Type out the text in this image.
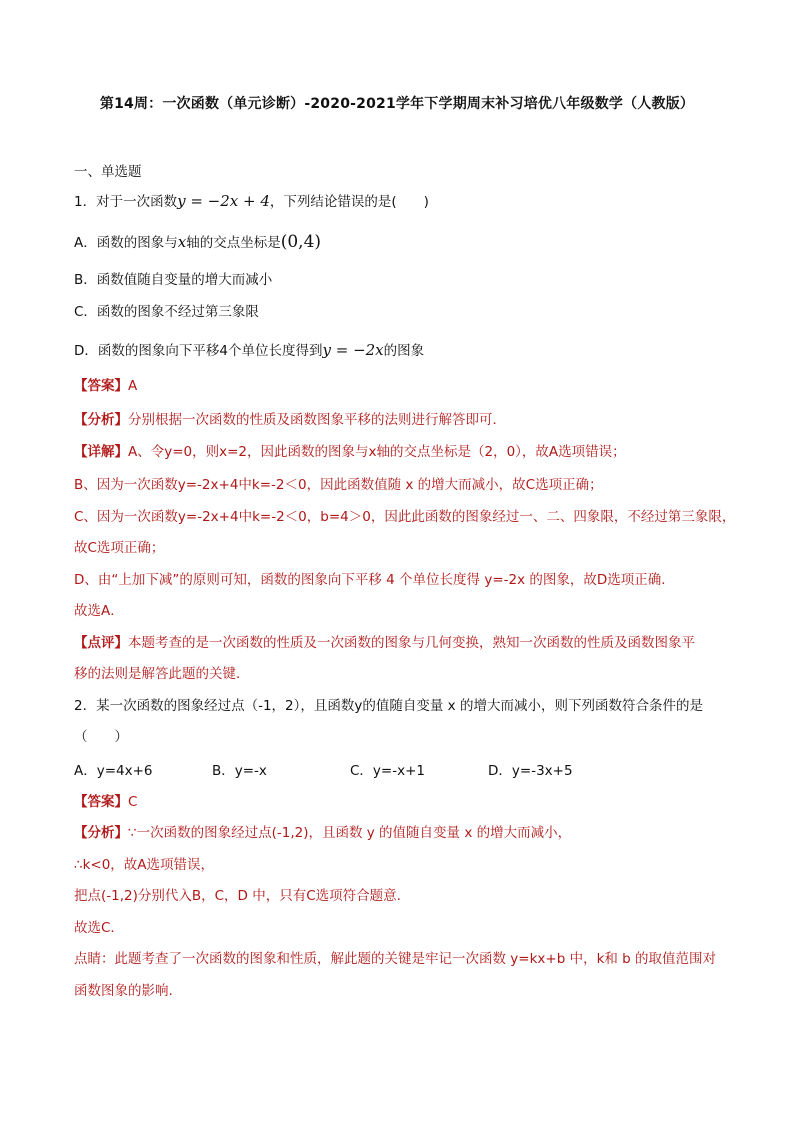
第14周：一次函数（单元诊断）-2020-2021学年下学期周末补习培优八年级数学（人教版）
一、单选题
1．对于一次函数y = −2x + 4，下列结论错误的是(　　)
A．函数的图象与x轴的交点坐标是(0,4)
B．函数值随自变量的增大而减小
C．函数的图象不经过第三象限
D．函数的图象向下平移4个单位长度得到y = −2x的图象
【答案】A
【分析】分别根据一次函数的性质及函数图象平移的法则进行解答即可．
【详解】A、令y=0，则x=2，因此函数的图象与x轴的交点坐标是（2，0），故A选项错误；
B、因为一次函数y=-2x+4中k=-2＜0，因此函数值随 x 的增大而减小，故C选项正确；
C、因为一次函数y=-2x+4中k=-2＜0，b=4＞0，因此此函数的图象经过一、二、四象限，不经过第三象限，
故C选项正确；
D、由“上加下减”的原则可知，函数的图象向下平移 4 个单位长度得 y=-2x 的图象，故D选项正确．
故选A．
【点评】本题考查的是一次函数的性质及一次函数的图象与几何变换，熟知一次函数的性质及函数图象平
移的法则是解答此题的关键．
2．某一次函数的图象经过点（-1，2），且函数y的值随自变量 x 的增大而减小，则下列函数符合条件的是
（　　）
A．y=4x+6	B．y=-x	C．y=-x+1	D．y=-3x+5
【答案】C
【分析】∵一次函数的图象经过点(-1,2)，且函数 y 的值随自变量 x 的增大而减小，
∴k<0，故A选项错误，
把点(-1,2)分别代入B，C，D 中，只有C选项符合题意.
故选C.
点睛：此题考查了一次函数的图象和性质，解此题的关键是牢记一次函数 y=kx+b 中，k和 b 的取值范围对
函数图象的影响.
